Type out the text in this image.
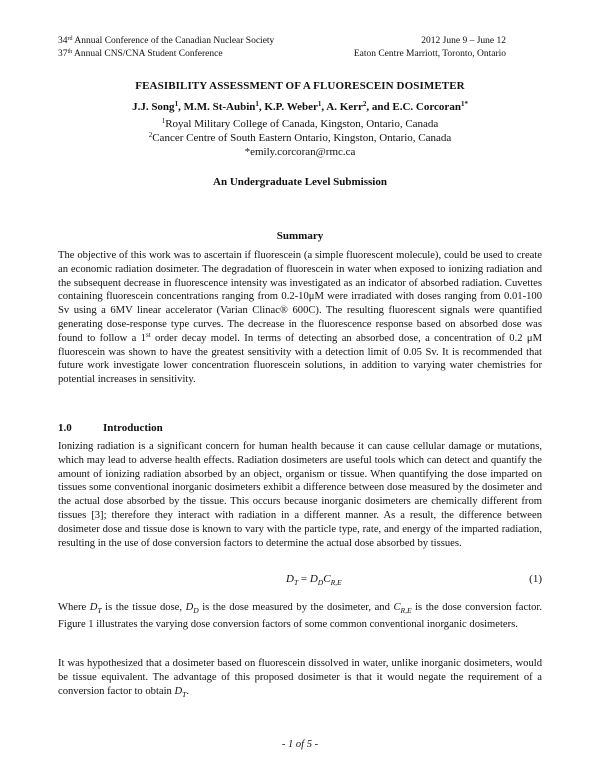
34rd Annual Conference of the Canadian Nuclear Society
37th Annual CNS/CNA Student Conference
2012 June 9 – June 12
Eaton Centre Marriott, Toronto, Ontario
FEASIBILITY ASSESSMENT OF A FLUORESCEIN DOSIMETER
J.J. Song$^1$, M.M. St-Aubin$^1$, K.P. Weber$^1$, A. Kerr$^2$, and E.C. Corcoran$^{1*}$
$^1$Royal Military College of Canada, Kingston, Ontario, Canada
$^2$Cancer Centre of South Eastern Ontario, Kingston, Ontario, Canada
*emily.corcoran@rmc.ca
An Undergraduate Level Submission
Summary

The objective of this work was to ascertain if fluorescein (a simple fluorescent molecule), could be used to create an economic radiation dosimeter. The degradation of fluorescein in water when exposed to ionizing radiation and the subsequent decrease in fluorescence intensity was investigated as an indicator of absorbed radiation. Cuvettes containing fluorescein concentrations ranging from 0.2-10μM were irradiated with doses ranging from 0.01-100 Sv using a 6MV linear accelerator (Varian Clinac® 600C). The resulting fluorescent signals were quantified generating dose-response type curves. The decrease in the fluorescence response based on absorbed dose was found to follow a 1st order decay model. In terms of detecting an absorbed dose, a concentration of 0.2 μM fluorescein was shown to have the greatest sensitivity with a detection limit of 0.05 Sv. It is recommended that future work investigate lower concentration fluorescein solutions, in addition to varying water chemistries for potential increases in sensitivity.

1.0	Introduction

Ionizing radiation is a significant concern for human health because it can cause cellular damage or mutations, which may lead to adverse health effects. Radiation dosimeters are useful tools which can detect and quantify the amount of ionizing radiation absorbed by an object, organism or tissue. When quantifying the dose imparted on tissues some conventional inorganic dosimeters exhibit a difference between dose measured by the dosimeter and the actual dose absorbed by the tissue. This occurs because inorganic dosimeters are chemically different from tissues [3]; therefore they interact with radiation in a different manner. As a result, the difference between dosimeter dose and tissue dose is known to vary with the particle type, rate, and energy of the imparted radiation, resulting in the use of dose conversion factors to determine the actual dose absorbed by tissues.

$D_T = D_DC_{R,E}$	(1)

Where $D_T$ is the tissue dose, $D_D$ is the dose measured by the dosimeter, and $C_{R,E}$ is the dose conversion factor. Figure 1 illustrates the varying dose conversion factors of some common conventional inorganic dosimeters.

It was hypothesized that a dosimeter based on fluorescein dissolved in water, unlike inorganic dosimeters, would be tissue equivalent. The advantage of this proposed dosimeter is that it would negate the requirement of a conversion factor to obtain $D_T$.

- 1 of 5 -
